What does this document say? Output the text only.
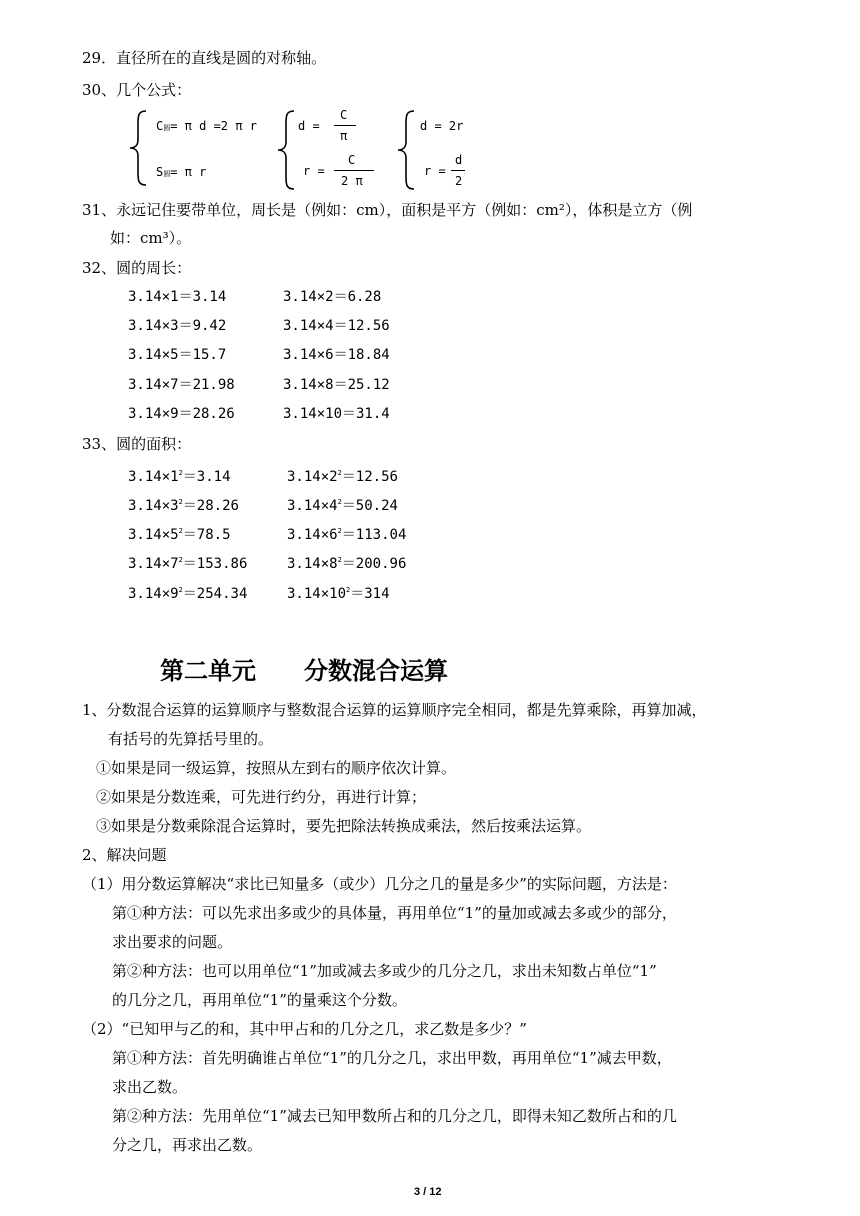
29．直径所在的直线是圆的对称轴。
30、几个公式：
C圆= π d =2 π r
S圆= π r
d =
C
π
r =
C
2 π
d = 2r
r =
d
2
31、永远记住要带单位，周长是（例如：cm），面积是平方（例如：cm²），体积是立方（例
如：cm³）。
32、圆的周长：
3.14×1＝3.14	3.14×2＝6.28
3.14×3＝9.42	3.14×4＝12.56
3.14×5＝15.7	3.14×6＝18.84
3.14×7＝21.98	3.14×8＝25.12
3.14×9＝28.26	3.14×10＝31.4
33、圆的面积：
$3.14\times 1^2=3.14$	$3.14\times 2^2=12.56$
$3.14\times 3^2=28.26$	$3.14\times 4^2=50.24$
$3.14\times 5^2=78.5$	$3.14\times 6^2=113.04$
$3.14\times 7^2=153.86$	$3.14\times 8^2=200.96$
$3.14\times 9^2=254.34$	$3.14\times 10^2=314$
第二单元　　分数混合运算
1、分数混合运算的运算顺序与整数混合运算的运算顺序完全相同，都是先算乘除，再算加减，
有括号的先算括号里的。
①如果是同一级运算，按照从左到右的顺序依次计算。
②如果是分数连乘，可先进行约分，再进行计算；
③如果是分数乘除混合运算时，要先把除法转换成乘法，然后按乘法运算。
2、解决问题
（1）用分数运算解决“求比已知量多（或少）几分之几的量是多少”的实际问题，方法是：
第①种方法：可以先求出多或少的具体量，再用单位“1”的量加或减去多或少的部分，
求出要求的问题。
第②种方法：也可以用单位“1”加或减去多或少的几分之几，求出未知数占单位“1”
的几分之几，再用单位“1”的量乘这个分数。
（2）“已知甲与乙的和，其中甲占和的几分之几，求乙数是多少？”
第①种方法：首先明确谁占单位“1”的几分之几，求出甲数，再用单位“1”减去甲数，
求出乙数。
第②种方法：先用单位“1”减去已知甲数所占和的几分之几，即得未知乙数所占和的几
分之几，再求出乙数。
3 / 12
